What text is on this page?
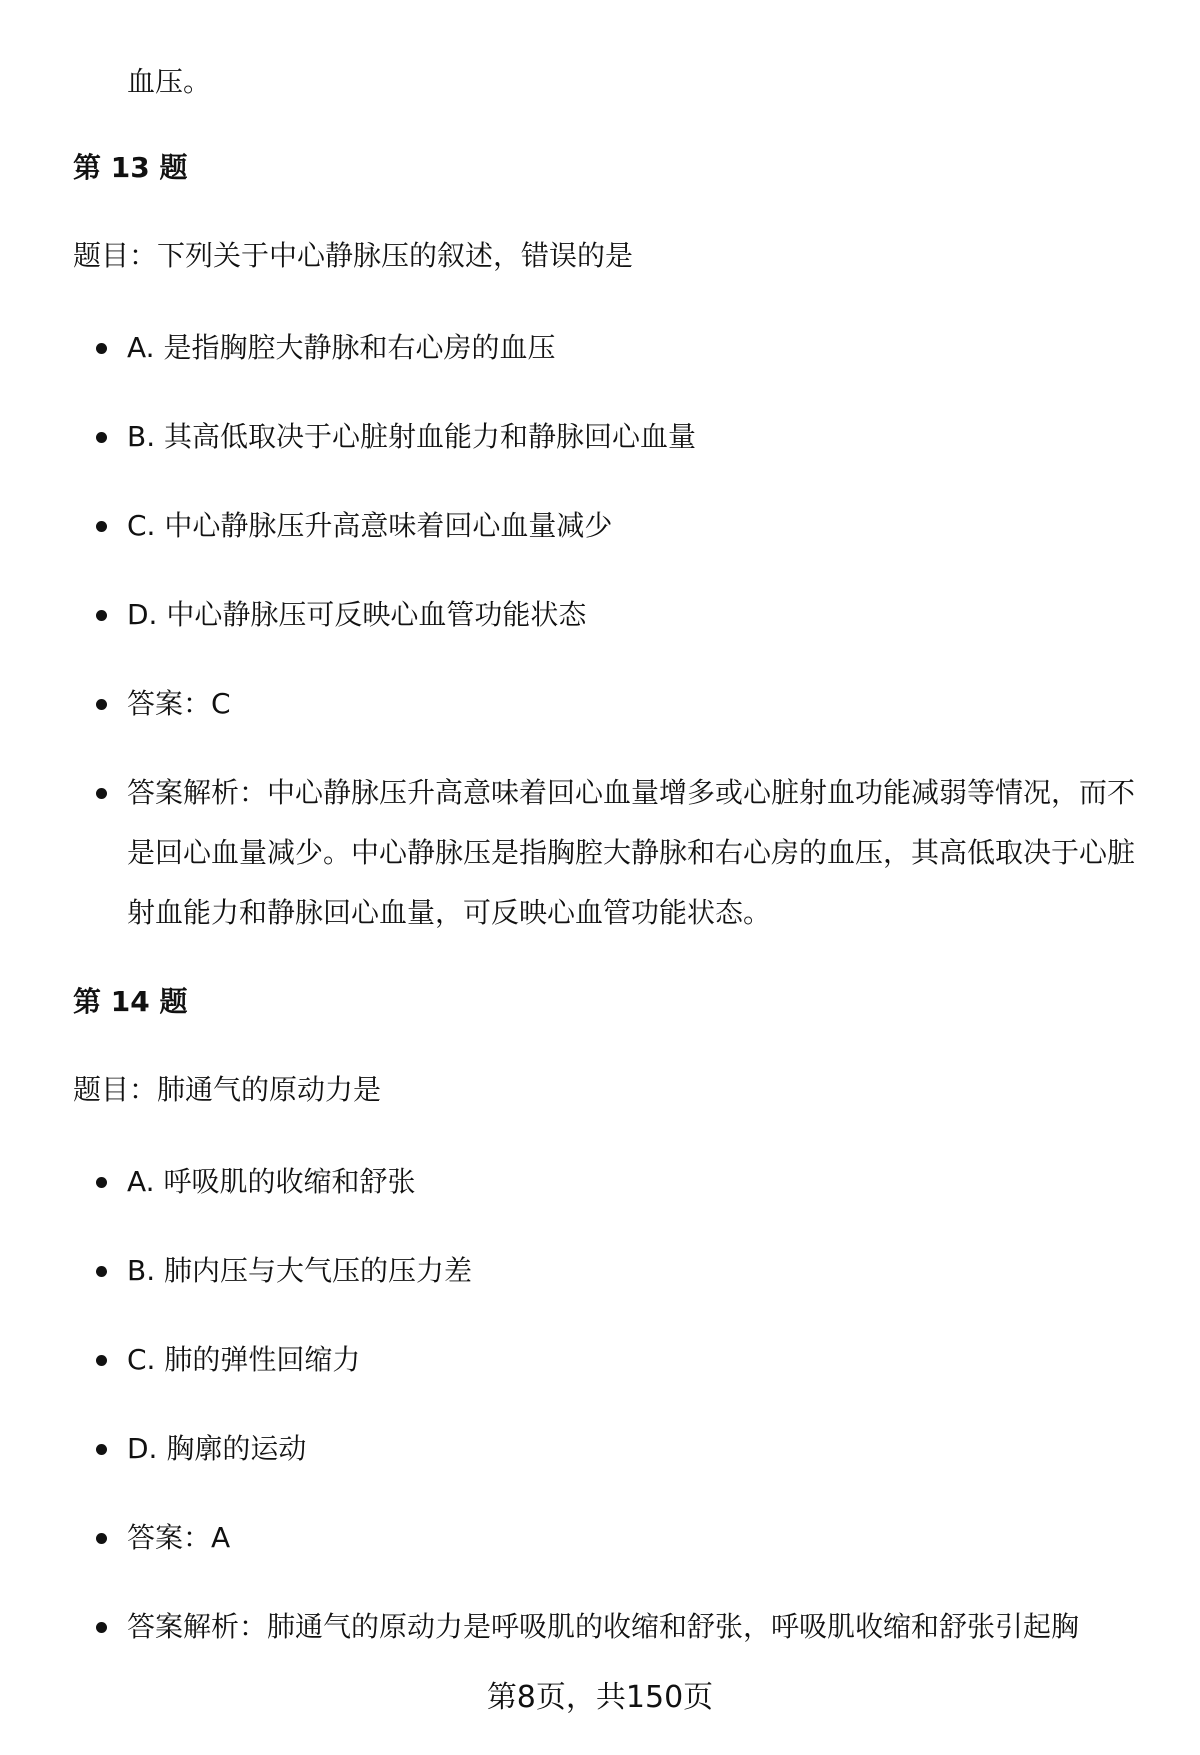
血压。
第 13 题
题目：下列关于中心静脉压的叙述，错误的是
A. 是指胸腔大静脉和右心房的血压
B. 其高低取决于心脏射血能力和静脉回心血量
C. 中心静脉压升高意味着回心血量减少
D. 中心静脉压可反映心血管功能状态
答案：C
答案解析：中心静脉压升高意味着回心血量增多或心脏射血功能减弱等情况，而不是回心血量减少。中心静脉压是指胸腔大静脉和右心房的血压，其高低取决于心脏射血能力和静脉回心血量，可反映心血管功能状态。
第 14 题
题目：肺通气的原动力是
A. 呼吸肌的收缩和舒张
B. 肺内压与大气压的压力差
C. 肺的弹性回缩力
D. 胸廓的运动
答案：A
答案解析：肺通气的原动力是呼吸肌的收缩和舒张，呼吸肌收缩和舒张引起胸
第8页，共150页
